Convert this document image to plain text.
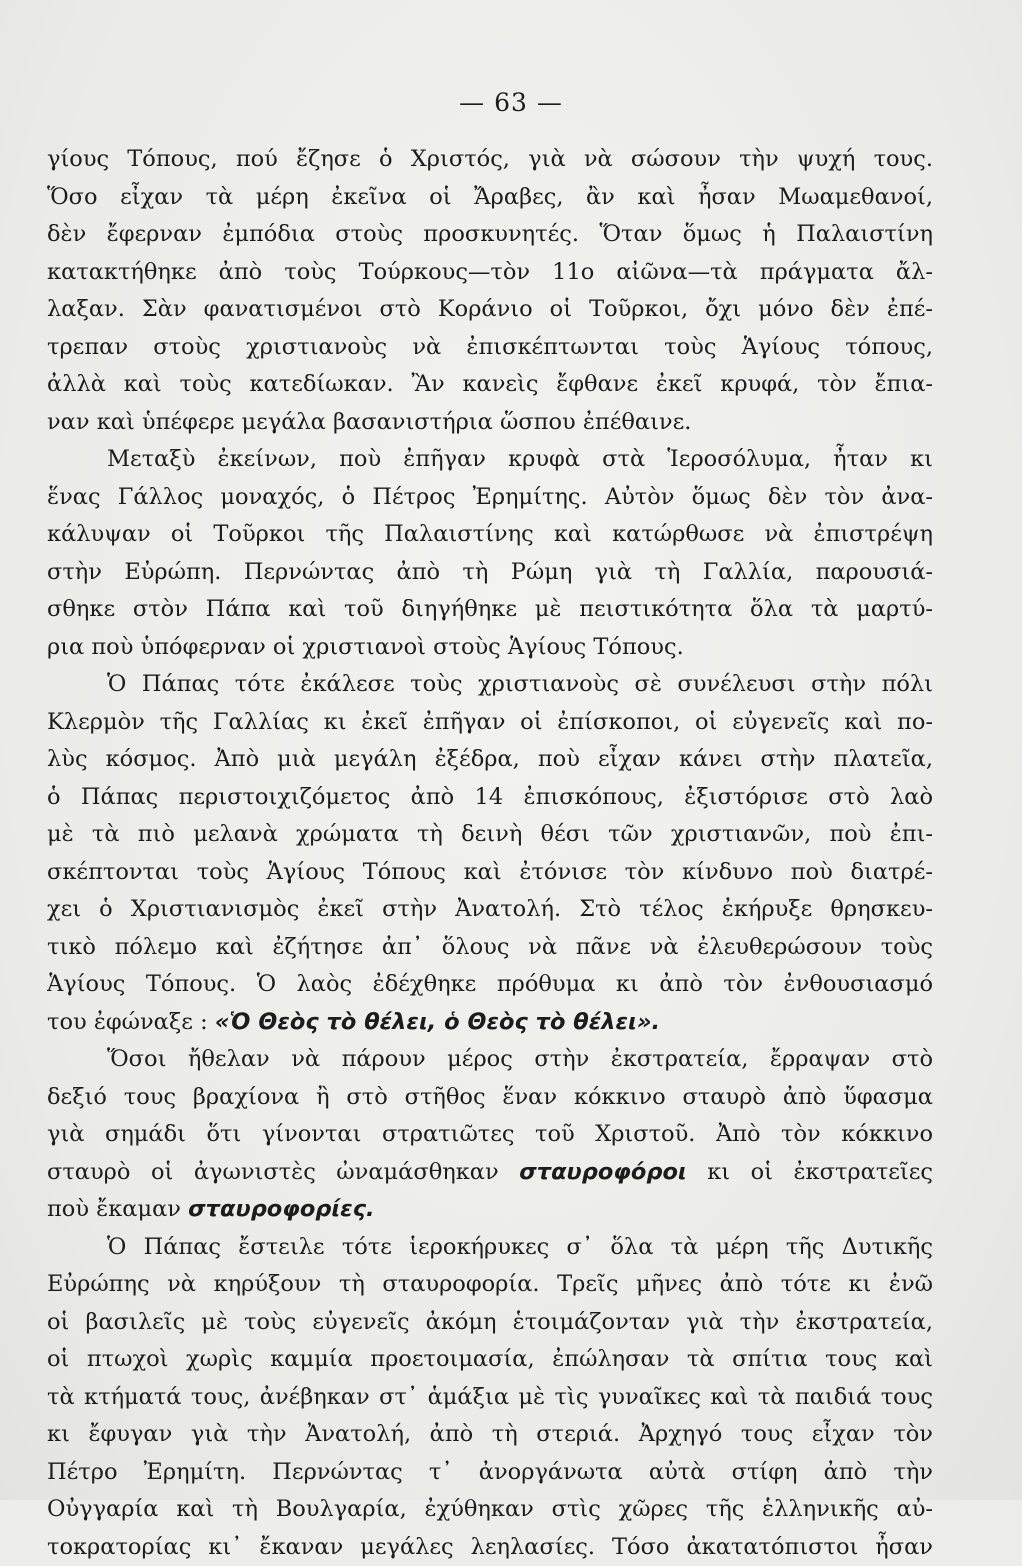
— 63 —
γίους Τόπους, πού ἔζησε ὁ Χριστός, γιὰ νὰ σώσουν τὴν ψυχή τους.
Ὅσο εἶχαν τὰ μέρη ἐκεῖνα οἱ Ἄραβες, ἂν καὶ ἦσαν Μωαμεθανοί,
δὲν ἔφερναν ἐμπόδια στοὺς προσκυνητές. Ὅταν ὅμως ἡ Παλαιστίνη
κατακτήθηκε ἀπὸ τοὺς Τούρκους—τὸν 11ο αἰῶνα—τὰ πράγματα ἄλ-
λαξαν. Σὰν φανατισμένοι στὸ Κοράνιο οἱ Τοῦρκοι, ὄχι μόνο δὲν ἐπέ-
τρεπαν στοὺς χριστιανοὺς νὰ ἐπισκέπτωνται τοὺς Ἁγίους τόπους,
ἀλλὰ καὶ τοὺς κατεδίωκαν. Ἂν κανεὶς ἔφθανε ἐκεῖ κρυφά, τὸν ἔπια-
ναν καὶ ὑπέφερε μεγάλα βασανιστήρια ὥσπου ἐπέθαινε.
Μεταξὺ ἐκείνων, ποὺ ἐπῆγαν κρυφὰ στὰ Ἱεροσόλυμα, ἦταν κι
ἕνας Γάλλος μοναχός, ὁ Πέτρος Ἐρημίτης. Αὐτὸν ὅμως δὲν τὸν ἀνα-
κάλυψαν οἱ Τοῦρκοι τῆς Παλαιστίνης καὶ κατώρθωσε νὰ ἐπιστρέψη
στὴν Εὐρώπη. Περνώντας ἀπὸ τὴ Ρώμη γιὰ τὴ Γαλλία, παρουσιά-
σθηκε στὸν Πάπα καὶ τοῦ διηγήθηκε μὲ πειστικότητα ὅλα τὰ μαρτύ-
ρια ποὺ ὑπόφερναν οἱ χριστιανοὶ στοὺς Ἁγίους Τόπους.
Ὁ Πάπας τότε ἐκάλεσε τοὺς χριστιανοὺς σὲ συνέλευσι στὴν πόλι
Κλερμὸν τῆς Γαλλίας κι ἐκεῖ ἐπῆγαν οἱ ἐπίσκοποι, οἱ εὐγενεῖς καὶ πο-
λὺς κόσμος. Ἀπὸ μιὰ μεγάλη ἐξέδρα, ποὺ εἶχαν κάνει στὴν πλατεῖα,
ὁ Πάπας περιστοιχιζόμετος ἀπὸ 14 ἐπισκόπους, ἐξιστόρισε στὸ λαὸ
μὲ τὰ πιὸ μελανὰ χρώματα τὴ δεινὴ θέσι τῶν χριστιανῶν, ποὺ ἐπι-
σκέπτονται τοὺς Ἁγίους Τόπους καὶ ἐτόνισε τὸν κίνδυνο ποὺ διατρέ-
χει ὁ Χριστιανισμὸς ἐκεῖ στὴν Ἀνατολή. Στὸ τέλος ἐκήρυξε θρησκευ-
τικὸ πόλεμο καὶ ἐζήτησε ἀπ᾽ ὅλους νὰ πᾶνε νὰ ἐλευθερώσουν τοὺς
Ἁγίους Τόπους. Ὁ λαὸς ἐδέχθηκε πρόθυμα κι ἀπὸ τὸν ἐνθουσιασμό
του ἐφώναξε : «Ὁ Θεὸς τὸ θέλει, ὁ Θεὸς τὸ θέλει».
Ὅσοι ἤθελαν νὰ πάρουν μέρος στὴν ἐκστρατεία, ἔρραψαν στὸ
δεξιό τους βραχίονα ἢ στὸ στῆθος ἕναν κόκκινο σταυρὸ ἀπὸ ὕφασμα
γιὰ σημάδι ὅτι γίνονται στρατιῶτες τοῦ Χριστοῦ. Ἀπὸ τὸν κόκκινο
σταυρὸ οἱ ἀγωνιστὲς ὠναμάσθηκαν σταυροφόροι κι οἱ ἐκστρατεῖες
ποὺ ἔκαμαν σταυροφορίες.
Ὁ Πάπας ἔστειλε τότε ἱεροκήρυκες σ᾽ ὅλα τὰ μέρη τῆς Δυτικῆς
Εὐρώπης νὰ κηρύξουν τὴ σταυροφορία. Τρεῖς μῆνες ἀπὸ τότε κι ἐνῶ
οἱ βασιλεῖς μὲ τοὺς εὐγενεῖς ἀκόμη ἑτοιμάζονταν γιὰ τὴν ἐκστρατεία,
οἱ πτωχοὶ χωρὶς καμμία προετοιμασία, ἐπώλησαν τὰ σπίτια τους καὶ
τὰ κτήματά τους, ἀνέβηκαν στ᾽ ἁμάξια μὲ τὶς γυναῖκες καὶ τὰ παιδιά τους
κι ἔφυγαν γιὰ τὴν Ἀνατολή, ἀπὸ τὴ στεριά. Ἀρχηγό τους εἶχαν τὸν
Πέτρο Ἐρημίτη. Περνώντας τ᾽ ἀνοργάνωτα αὐτὰ στίφη ἀπὸ τὴν
Οὐγγαρία καὶ τὴ Βουλγαρία, ἐχύθηκαν στὶς χῶρες τῆς ἑλληνικῆς αὐ-
τοκρατορίας κι᾽ ἔκαναν μεγάλες λεηλασίες. Τόσο ἀκατατόπιστοι ἦσαν
